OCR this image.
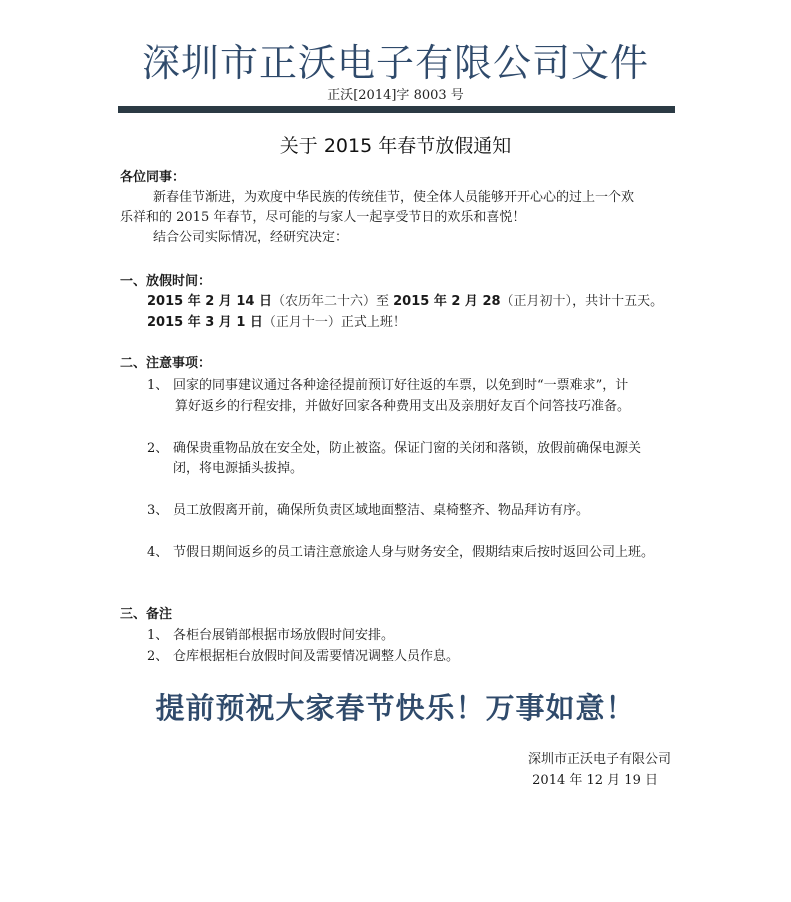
深圳市正沃电子有限公司文件
正沃[2014]字 8003 号
关于 2015 年春节放假通知
各位同事：
新春佳节渐进，为欢度中华民族的传统佳节，使全体人员能够开开心心的过上一个欢
乐祥和的 2015 年春节，尽可能的与家人一起享受节日的欢乐和喜悦！
结合公司实际情况，经研究决定：
一、放假时间：
2015 年 2 月 14 日（农历年二十六）至 2015 年 2 月 28（正月初十），共计十五天。
2015 年 3 月 1 日（正月十一）正式上班！
二、注意事项：
1、 回家的同事建议通过各种途径提前预订好往返的车票，以免到时“一票难求”，计
算好返乡的行程安排，并做好回家各种费用支出及亲朋好友百个问答技巧准备。
2、 确保贵重物品放在安全处，防止被盗。保证门窗的关闭和落锁，放假前确保电源关
闭，将电源插头拔掉。
3、 员工放假离开前，确保所负责区域地面整洁、桌椅整齐、物品拜访有序。
4、 节假日期间返乡的员工请注意旅途人身与财务安全，假期结束后按时返回公司上班。
三、备注
1、 各柜台展销部根据市场放假时间安排。
2、 仓库根据柜台放假时间及需要情况调整人员作息。
提前预祝大家春节快乐！万事如意！
深圳市正沃电子有限公司
2014 年 12 月 19 日
